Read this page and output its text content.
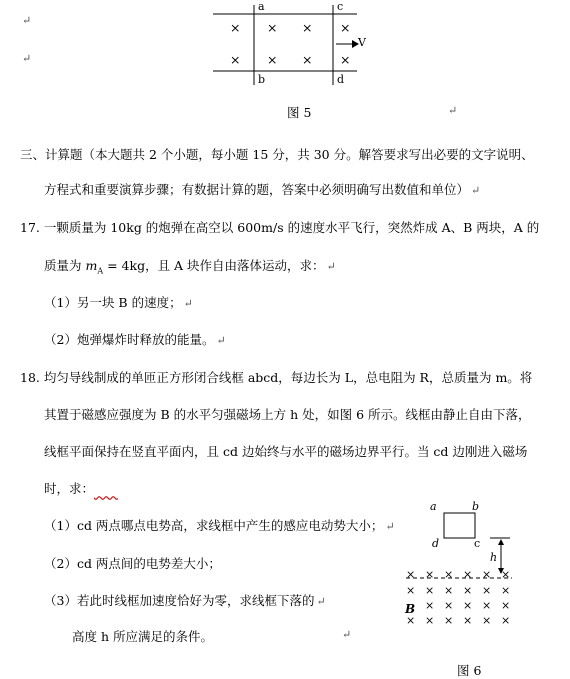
× × × ×
× × × ×
a	c
b	d
V
图 5
↵
↵
↵
三、计算题（本大题共 2 个小题，每小题 15 分，共 30 分。解答要求写出必要的文字说明、
方程式和重要演算步骤；有数据计算的题，答案中必须明确写出数值和单位） ↵
17. 一颗质量为 10kg 的炮弹在高空以 600m/s 的速度水平飞行，突然炸成 A、B 两块，A 的
质量为 $m_A = 4kg$，且 A 块作自由落体运动，求： ↵
（1）另一块 B 的速度； ↵
（2）炮弹爆炸时释放的能量。 ↵
18. 均匀导线制成的单匝正方形闭合线框 abcd，每边长为 L，总电阻为 R，总质量为 m。将
其置于磁感应强度为 B 的水平匀强磁场上方 h 处，如图 6 所示。线框由静止自由下落，
线框平面保持在竖直平面内，且 cd 边始终与水平的磁场边界平行。当 cd 边刚进入磁场
时，求：
（1）cd 两点哪点电势高，求线框中产生的感应电动势大小； ↵
（2）cd 两点间的电势差大小；
（3）若此时线框加速度恰好为零，求线框下落的 ↵
高度 h 所应满足的条件。	↵
a	b
d	c
h
B
× × × × × ×
× × × × × ×
× × × × ×
× × × × × ×
图 6
